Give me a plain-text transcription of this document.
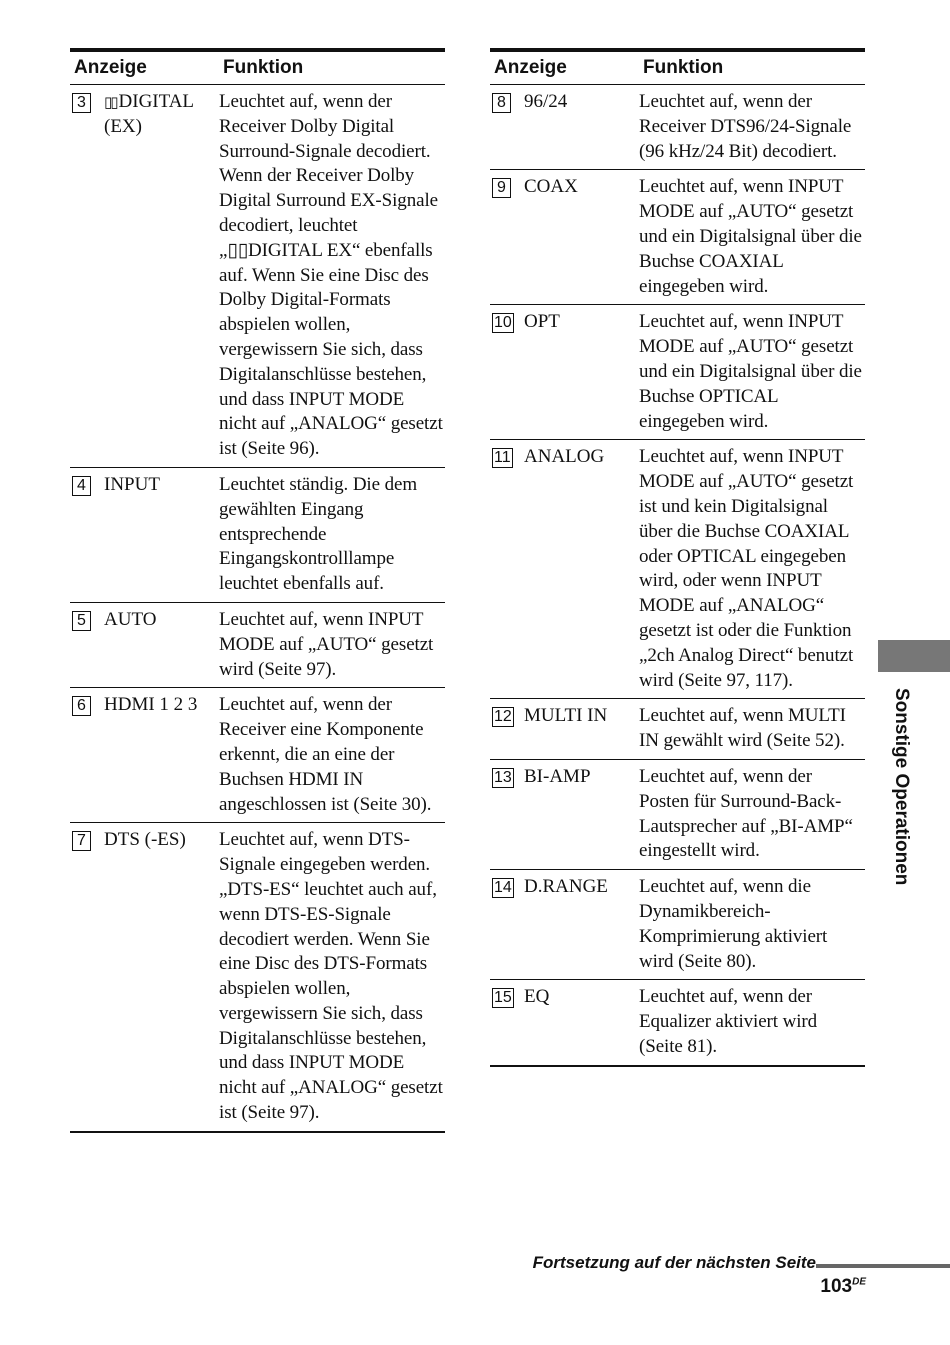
Anzeige		Funktion
3	▯▯ DIGITAL (EX)	Leuchtet auf, wenn der Receiver Dolby Digital Surround-Signale decodiert. Wenn der Receiver Dolby Digital Surround EX-Signale decodiert, leuchtet „▯▯DIGITAL EX“ ebenfalls auf. Wenn Sie eine Disc des Dolby Digital-Formats abspielen wollen, vergewissern Sie sich, dass Digitalanschlüsse bestehen, und dass INPUT MODE nicht auf „ANALOG“ gesetzt ist (Seite 96).
4	INPUT	Leuchtet ständig. Die dem gewählten Eingang entsprechende Eingangskontrolllampe leuchtet ebenfalls auf.
5	AUTO	Leuchtet auf, wenn INPUT MODE auf „AUTO“ gesetzt wird (Seite 97).
6	HDMI 1 2 3	Leuchtet auf, wenn der Receiver eine Komponente erkennt, die an eine der Buchsen HDMI IN angeschlossen ist (Seite 30).
7	DTS (-ES)	Leuchtet auf, wenn DTS-Signale eingegeben werden. „DTS-ES“ leuchtet auch auf, wenn DTS-ES-Signale decodiert werden. Wenn Sie eine Disc des DTS-Formats abspielen wollen, vergewissern Sie sich, dass Digitalanschlüsse bestehen, und dass INPUT MODE nicht auf „ANALOG“ gesetzt ist (Seite 97).
Anzeige		Funktion
8	96/24	Leuchtet auf, wenn der Receiver DTS96/24-Signale (96 kHz/24 Bit) decodiert.
9	COAX	Leuchtet auf, wenn INPUT MODE auf „AUTO“ gesetzt und ein Digitalsignal über die Buchse COAXIAL eingegeben wird.
10	OPT	Leuchtet auf, wenn INPUT MODE auf „AUTO“ gesetzt und ein Digitalsignal über die Buchse OPTICAL eingegeben wird.
11	ANALOG	Leuchtet auf, wenn INPUT MODE auf „AUTO“ gesetzt ist und kein Digitalsignal über die Buchse COAXIAL oder OPTICAL eingegeben wird, oder wenn INPUT MODE auf „ANALOG“ gesetzt ist oder die Funktion „2ch Analog Direct“ benutzt wird (Seite 97, 117).
12	MULTI IN	Leuchtet auf, wenn MULTI IN gewählt wird (Seite 52).
13	BI-AMP	Leuchtet auf, wenn der Posten für Surround-Back-Lautsprecher auf „BI-AMP“ eingestellt wird.
14	D.RANGE	Leuchtet auf, wenn die Dynamikbereich-Komprimierung aktiviert wird (Seite 80).
15	EQ	Leuchtet auf, wenn der Equalizer aktiviert wird (Seite 81).
Sonstige Operationen
Fortsetzung auf der nächsten Seite
103DE
